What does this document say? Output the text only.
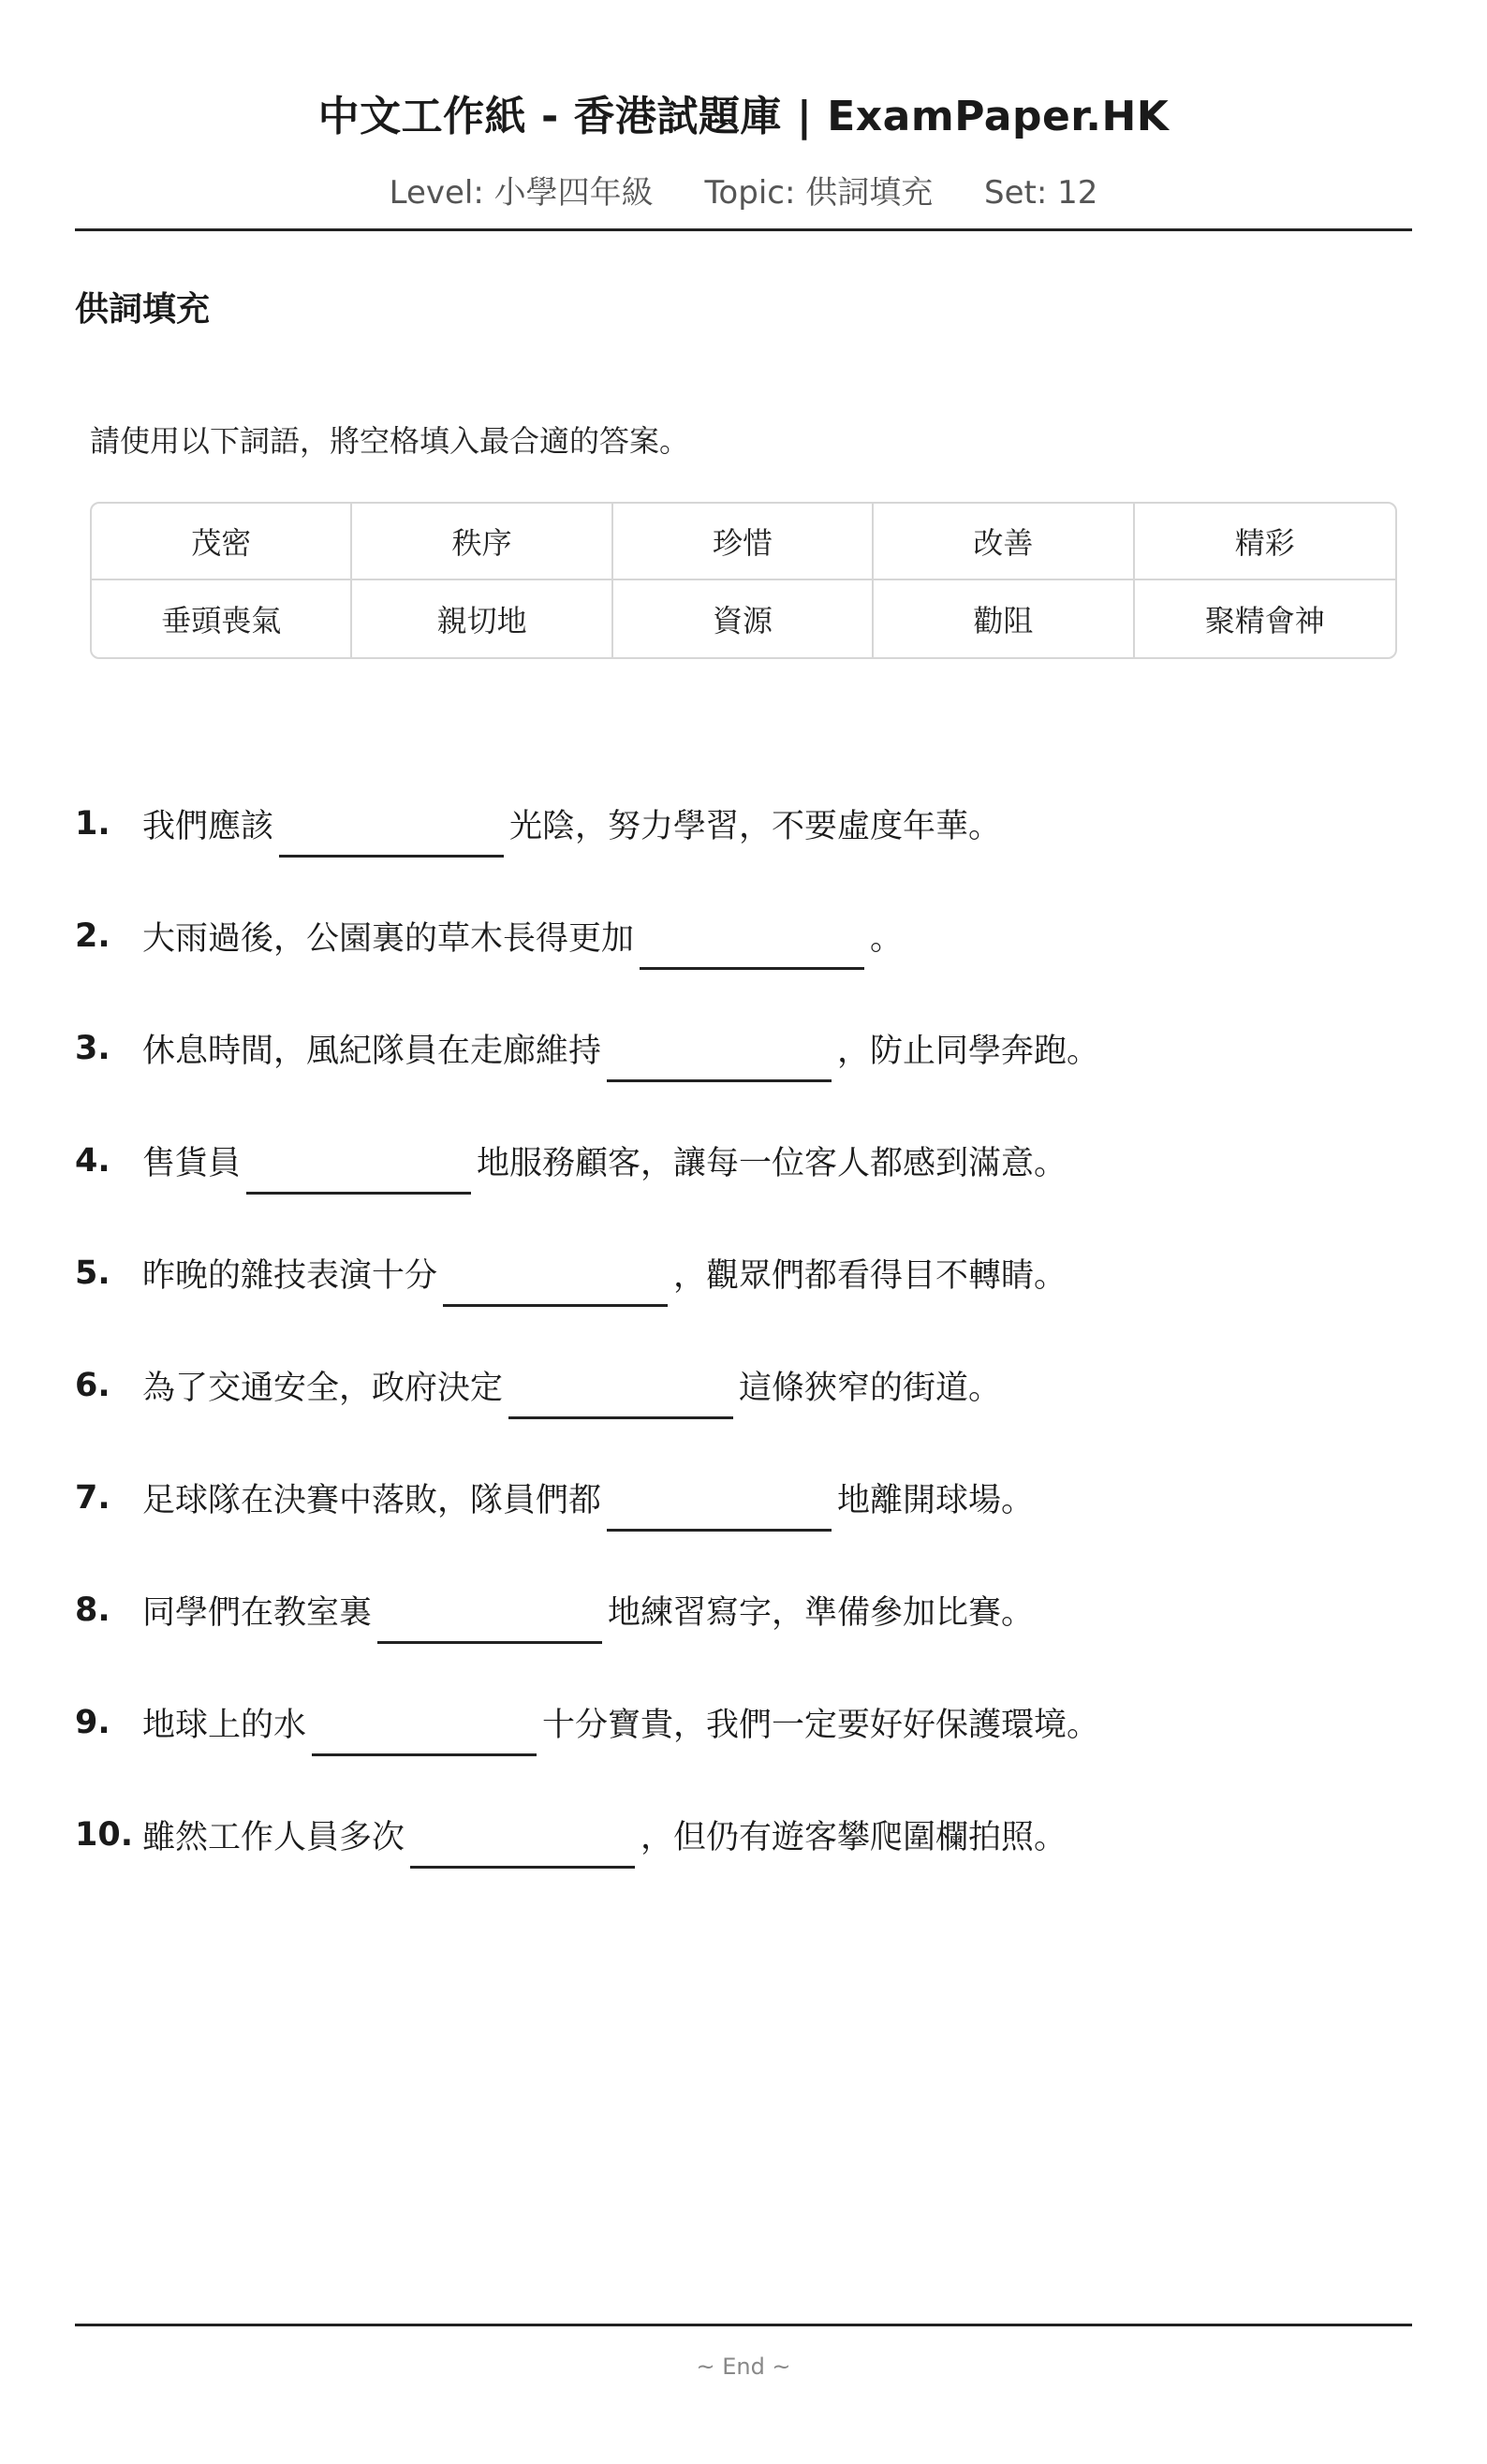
中文工作紙 - 香港試題庫 | ExamPaper.HK
Level: 小學四年級 Topic: 供詞填充 Set: 12
供詞填充
請使用以下詞語，將空格填入最合適的答案。
茂密	秩序	珍惜	改善	精彩
垂頭喪氣	親切地	資源	勸阻	聚精會神
1. 我們應該	光陰，努力學習，不要虛度年華。
2. 大雨過後，公園裏的草木長得更加	。
3. 休息時間，風紀隊員在走廊維持	，防止同學奔跑。
4. 售貨員	地服務顧客，讓每一位客人都感到滿意。
5. 昨晚的雜技表演十分	，觀眾們都看得目不轉睛。
6. 為了交通安全，政府決定	這條狹窄的街道。
7. 足球隊在決賽中落敗，隊員們都	地離開球場。
8. 同學們在教室裏	地練習寫字，準備參加比賽。
9. 地球上的水	十分寶貴，我們一定要好好保護環境。
10. 雖然工作人員多次	，但仍有遊客攀爬圍欄拍照。
~ End ~
